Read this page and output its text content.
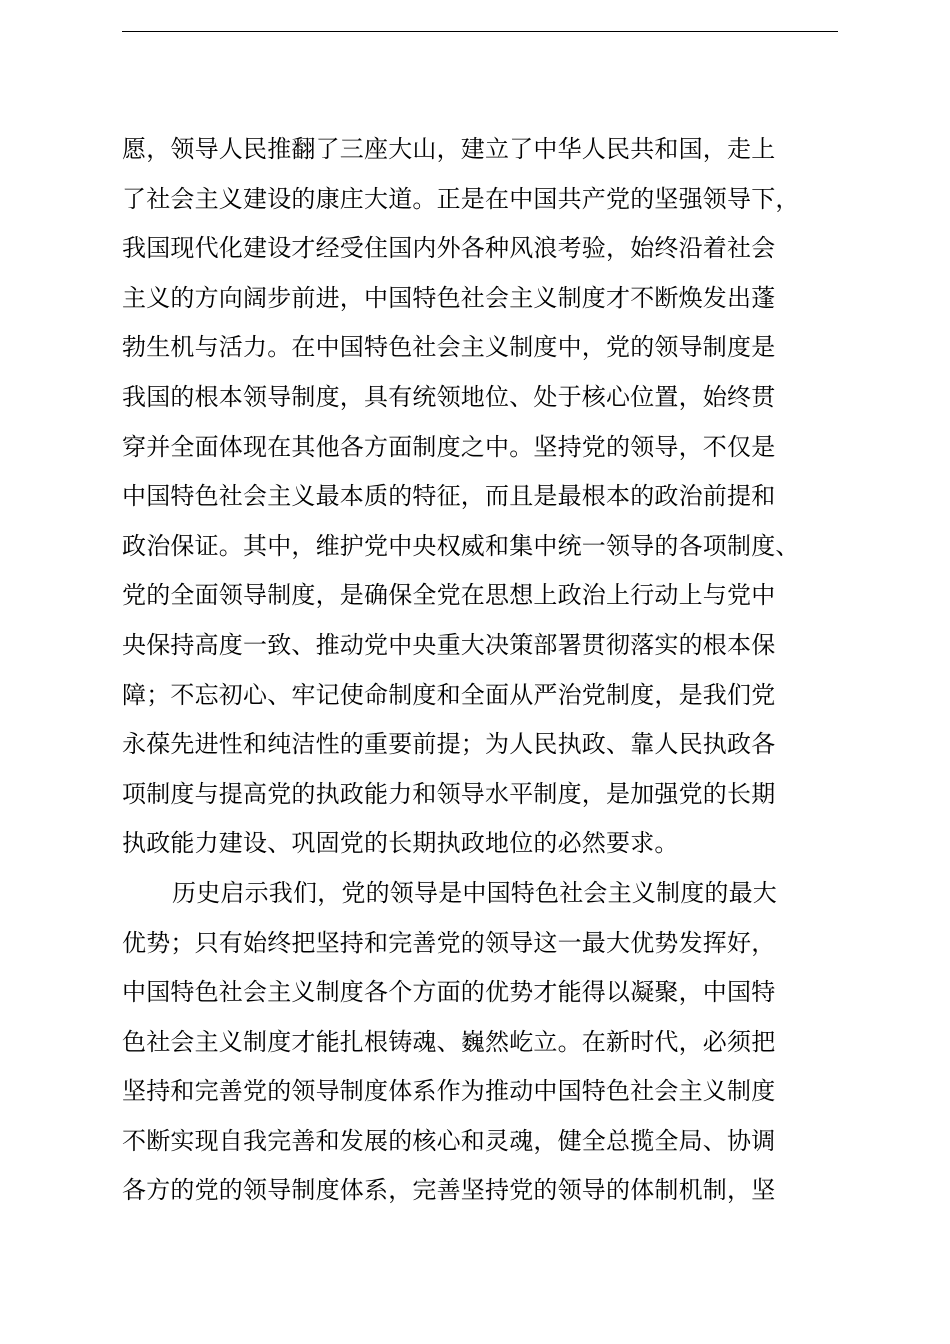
愿，领导人民推翻了三座大山，建立了中华人民共和国，走上
了社会主义建设的康庄大道。正是在中国共产党的坚强领导下，
我国现代化建设才经受住国内外各种风浪考验，始终沿着社会
主义的方向阔步前进，中国特色社会主义制度才不断焕发出蓬
勃生机与活力。在中国特色社会主义制度中，党的领导制度是
我国的根本领导制度，具有统领地位、处于核心位置，始终贯
穿并全面体现在其他各方面制度之中。坚持党的领导，不仅是
中国特色社会主义最本质的特征，而且是最根本的政治前提和
政治保证。其中，维护党中央权威和集中统一领导的各项制度、
党的全面领导制度，是确保全党在思想上政治上行动上与党中
央保持高度一致、推动党中央重大决策部署贯彻落实的根本保
障；不忘初心、牢记使命制度和全面从严治党制度，是我们党
永葆先进性和纯洁性的重要前提；为人民执政、靠人民执政各
项制度与提高党的执政能力和领导水平制度，是加强党的长期
执政能力建设、巩固党的长期执政地位的必然要求。
历史启示我们，党的领导是中国特色社会主义制度的最大
优势；只有始终把坚持和完善党的领导这一最大优势发挥好，
中国特色社会主义制度各个方面的优势才能得以凝聚，中国特
色社会主义制度才能扎根铸魂、巍然屹立。在新时代，必须把
坚持和完善党的领导制度体系作为推动中国特色社会主义制度
不断实现自我完善和发展的核心和灵魂，健全总揽全局、协调
各方的党的领导制度体系，完善坚持党的领导的体制机制，坚
